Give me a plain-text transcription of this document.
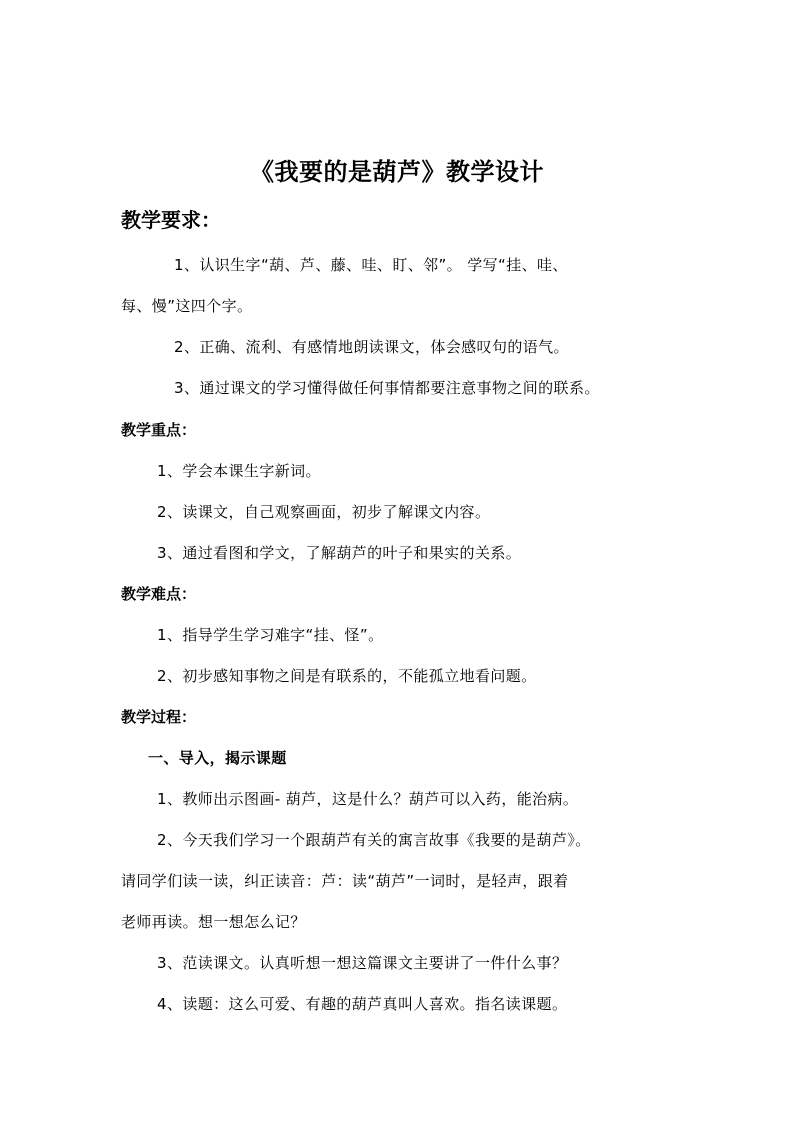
《我要的是葫芦》教学设计
教学要求：
1、认识生字“葫、芦、藤、哇、盯、邻”。 学写“挂、哇、
每、慢”这四个字。
2、正确、流利、有感情地朗读课文，体会感叹句的语气。
3、通过课文的学习懂得做任何事情都要注意事物之间的联系。
教学重点：
1、学会本课生字新词。
2、读课文，自己观察画面，初步了解课文内容。
3、通过看图和学文，了解葫芦的叶子和果实的关系。
教学难点：
1、指导学生学习难字“挂、怪”。
2、初步感知事物之间是有联系的，不能孤立地看问题。
教学过程：
一、导入，揭示课题
1、教师出示图画- 葫芦，这是什么？葫芦可以入药，能治病。
2、今天我们学习一个跟葫芦有关的寓言故事《我要的是葫芦》。
请同学们读一读，纠正读音：芦：读“葫芦”一词时，是轻声，跟着
老师再读。想一想怎么记？
3、范读课文。认真听想一想这篇课文主要讲了一件什么事？
4、读题：这么可爱、有趣的葫芦真叫人喜欢。指名读课题。
